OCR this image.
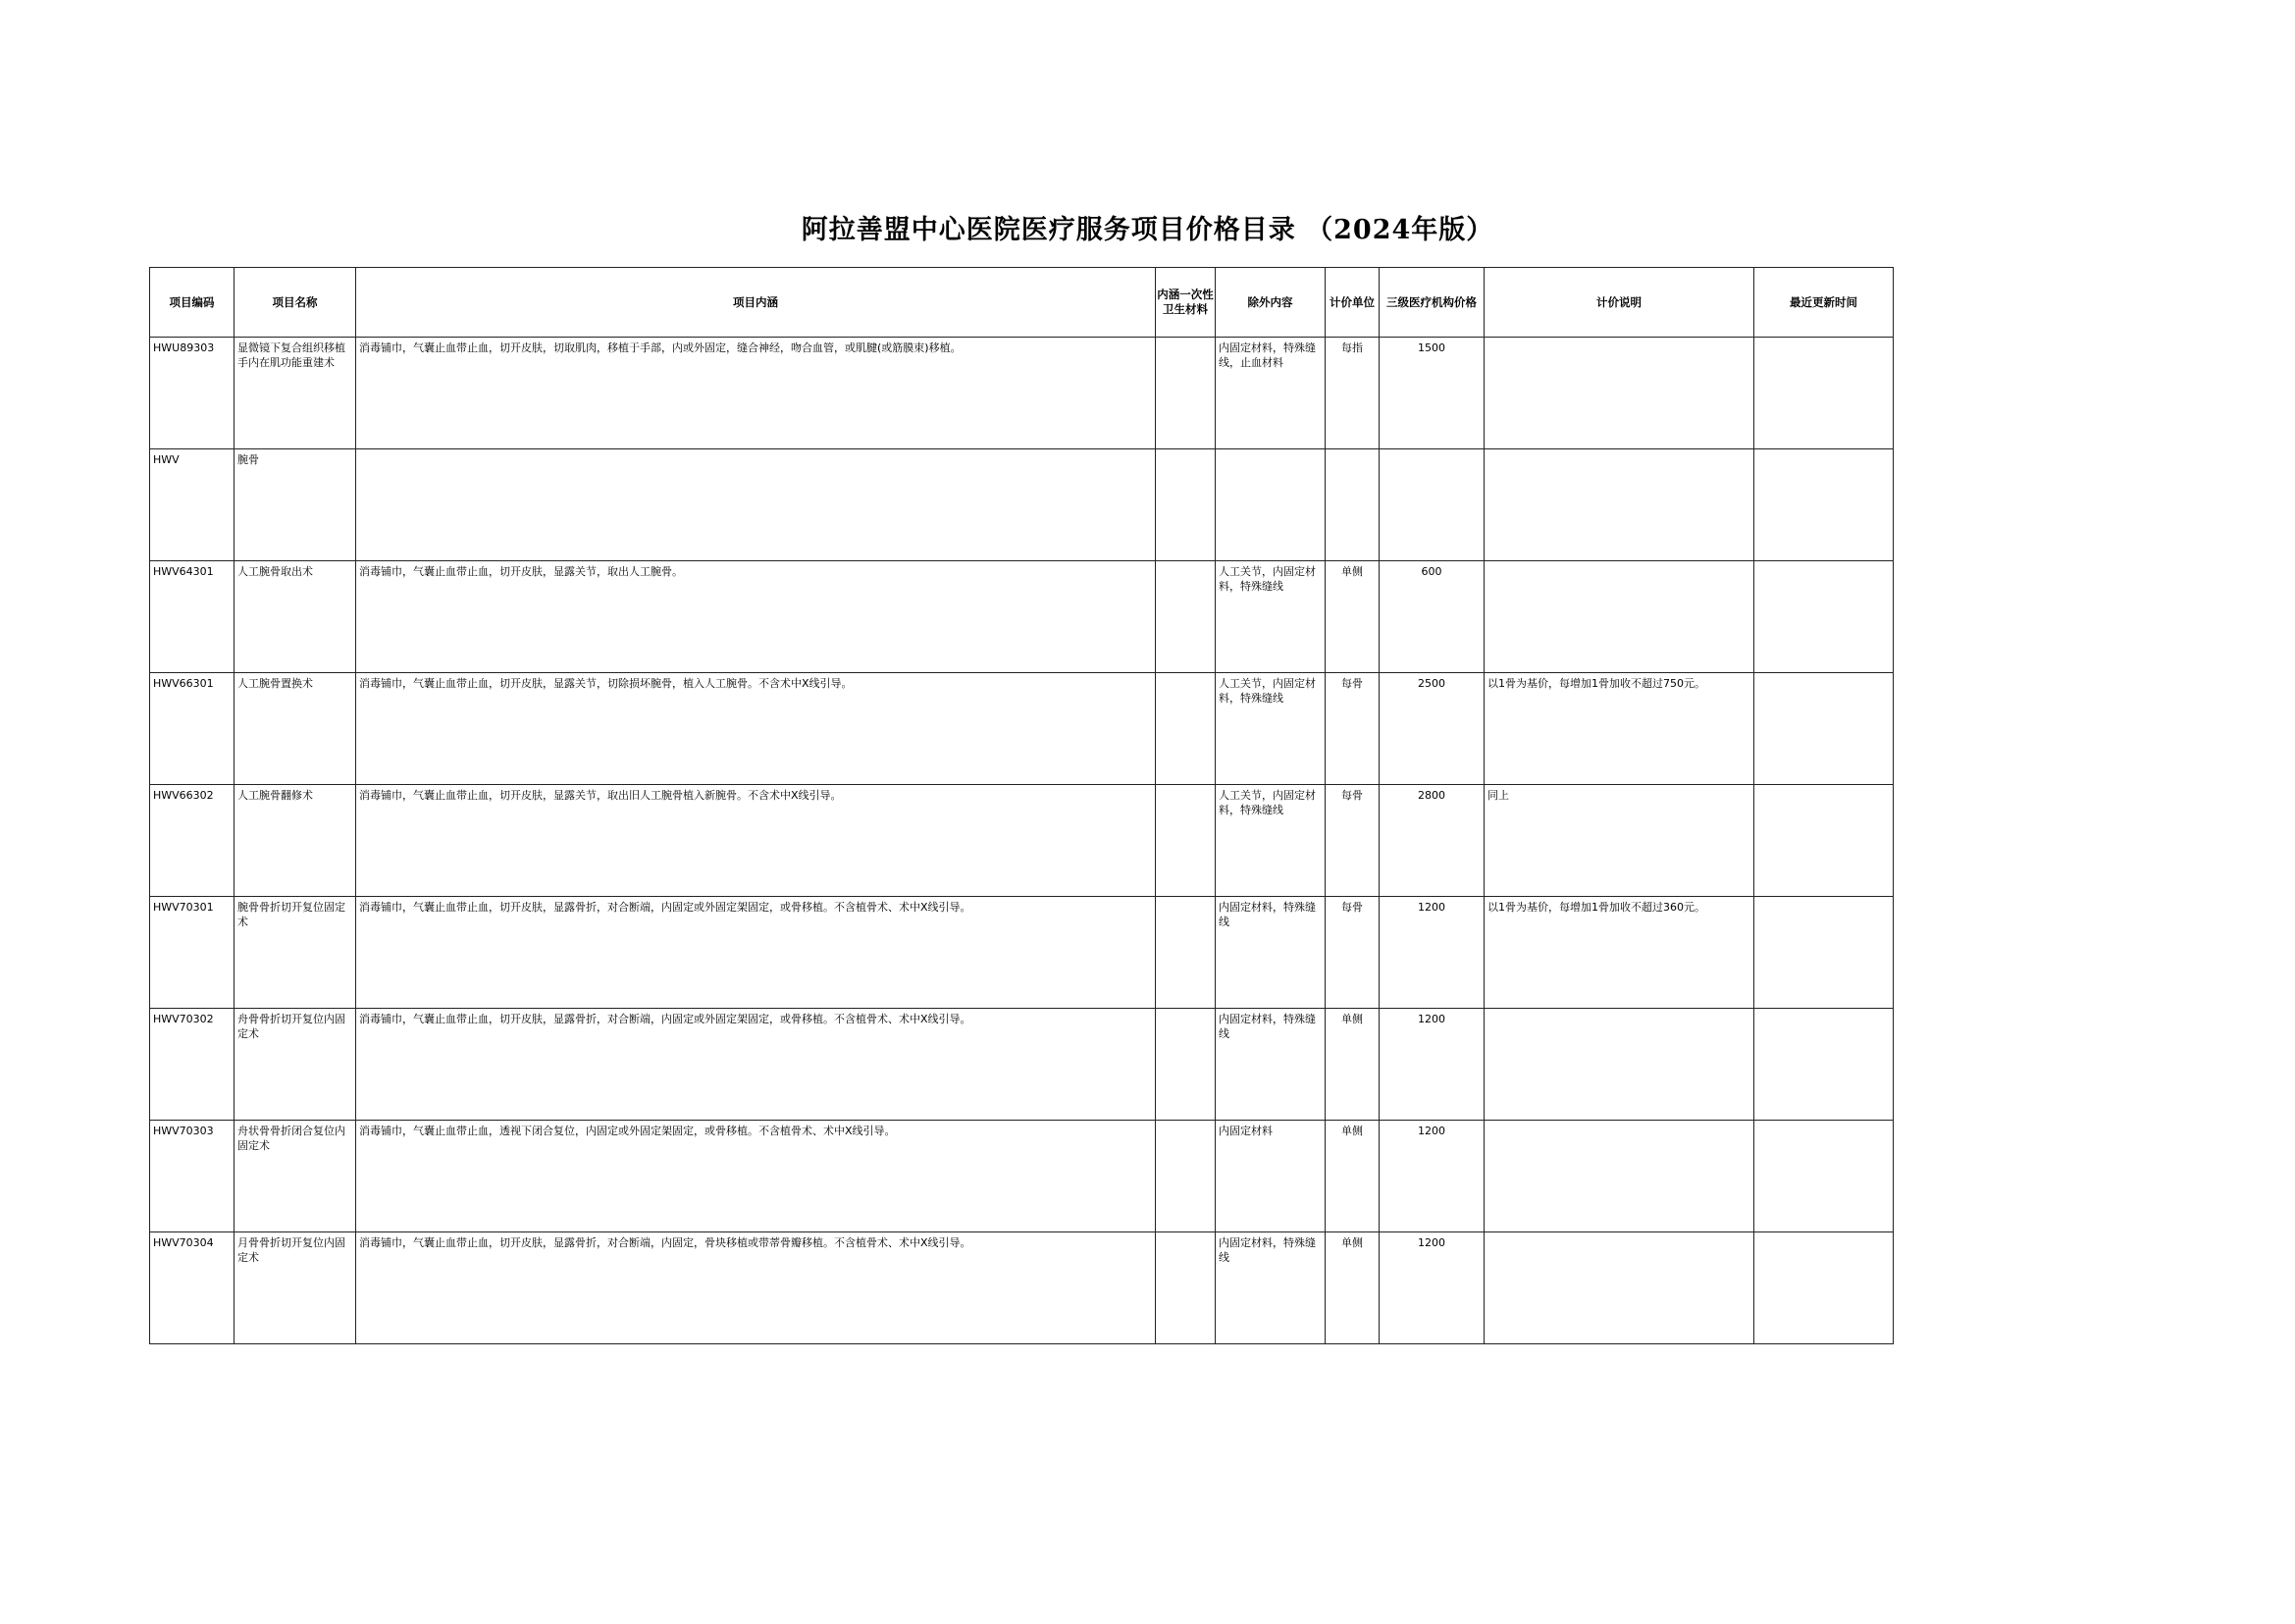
阿拉善盟中心医院医疗服务项目价格目录 （2024年版）
项目编码	项目名称	项目内涵	内涵一次性卫生材料	除外内容	计价单位	三级医疗机构价格	计价说明	最近更新时间

HWU89303	显微镜下复合组织移植手内在肌功能重建术	消毒铺巾，气囊止血带止血，切开皮肤，切取肌肉，移植于手部，内或外固定，缝合神经，吻合血管，或肌腱(或筋膜束)移植。		内固定材料，特殊缝线，止血材料	每指	1500		

HWV	腕骨							

HWV64301	人工腕骨取出术	消毒铺巾，气囊止血带止血，切开皮肤，显露关节，取出人工腕骨。		人工关节，内固定材料，特殊缝线	单侧	600		

HWV66301	人工腕骨置换术	消毒铺巾，气囊止血带止血，切开皮肤，显露关节，切除损坏腕骨，植入人工腕骨。不含术中X线引导。		人工关节，内固定材料，特殊缝线	每骨	2500	以1骨为基价，每增加1骨加收不超过750元。	

HWV66302	人工腕骨翻修术	消毒铺巾，气囊止血带止血，切开皮肤，显露关节，取出旧人工腕骨植入新腕骨。不含术中X线引导。		人工关节，内固定材料，特殊缝线	每骨	2800	同上	

HWV70301	腕骨骨折切开复位固定术	消毒铺巾，气囊止血带止血，切开皮肤，显露骨折，对合断端，内固定或外固定架固定，或骨移植。不含植骨术、术中X线引导。		内固定材料，特殊缝线	每骨	1200	以1骨为基价，每增加1骨加收不超过360元。	

HWV70302	舟骨骨折切开复位内固定术	消毒铺巾，气囊止血带止血，切开皮肤，显露骨折，对合断端，内固定或外固定架固定，或骨移植。不含植骨术、术中X线引导。		内固定材料，特殊缝线	单侧	1200		

HWV70303	舟状骨骨折闭合复位内固定术	消毒铺巾，气囊止血带止血，透视下闭合复位，内固定或外固定架固定，或骨移植。不含植骨术、术中X线引导。		内固定材料	单侧	1200		

HWV70304	月骨骨折切开复位内固定术	消毒铺巾，气囊止血带止血，切开皮肤，显露骨折，对合断端，内固定，骨块移植或带蒂骨瓣移植。不含植骨术、术中X线引导。		内固定材料，特殊缝线	单侧	1200		
